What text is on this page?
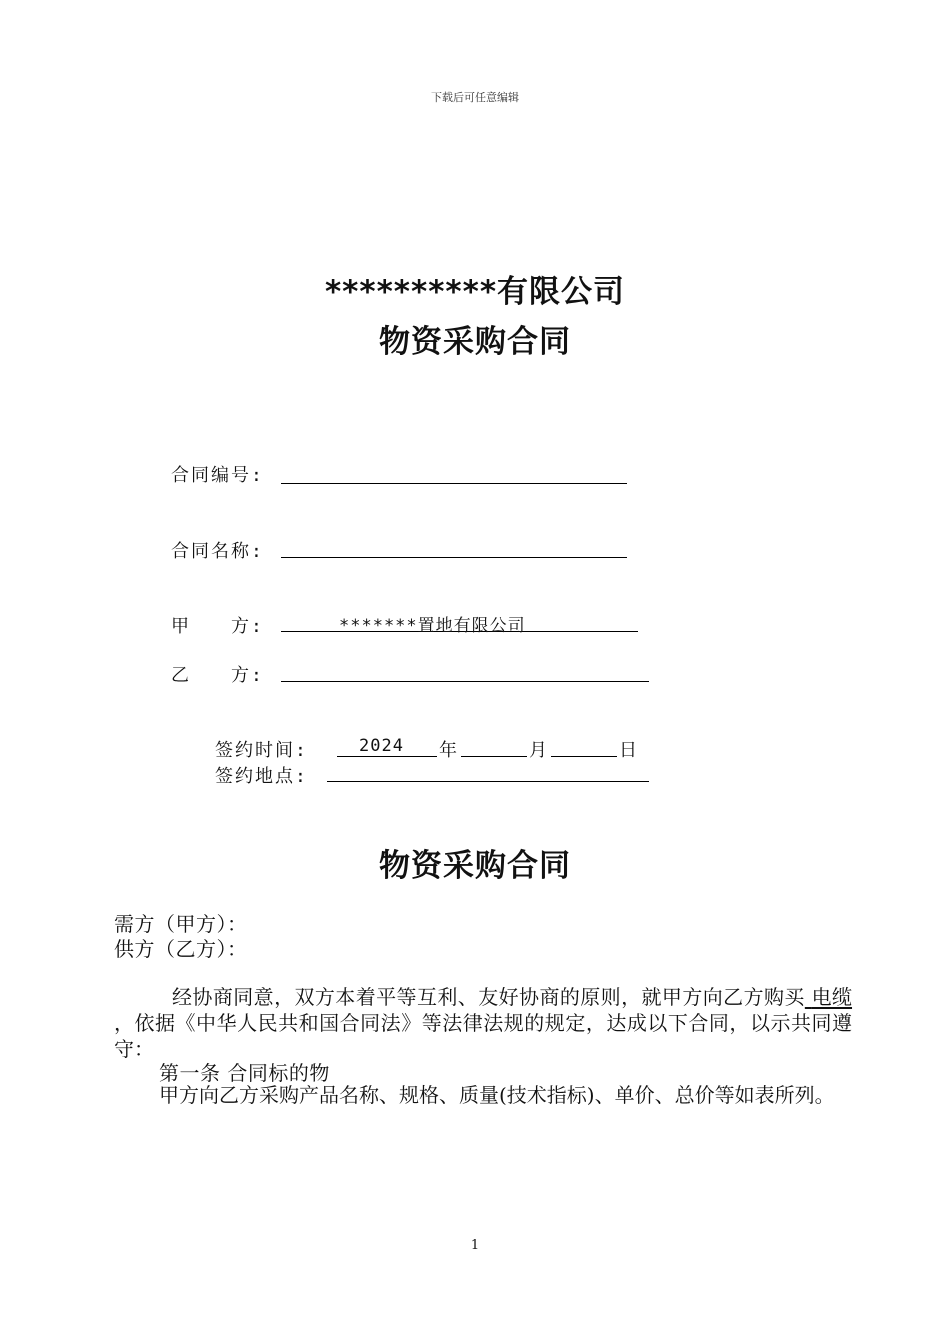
下载后可任意编辑
**********有限公司
物资采购合同
合同编号:
合同名称:
甲　　方:	*******置地有限公司
乙　　方:
签约时间:	2024 年	月	日
签约地点:
物资采购合同
需方（甲方）：
供方（乙方）：
经协商同意，双方本着平等互利、友好协商的原则，就甲方向乙方购买 电缆 ，依据《中华人民共和国合同法》等法律法规的规定，达成以下合同，以示共同遵守：
第一条 合同标的物
甲方向乙方采购产品名称、规格、质量(技术指标)、单价、总价等如表所列。
1
